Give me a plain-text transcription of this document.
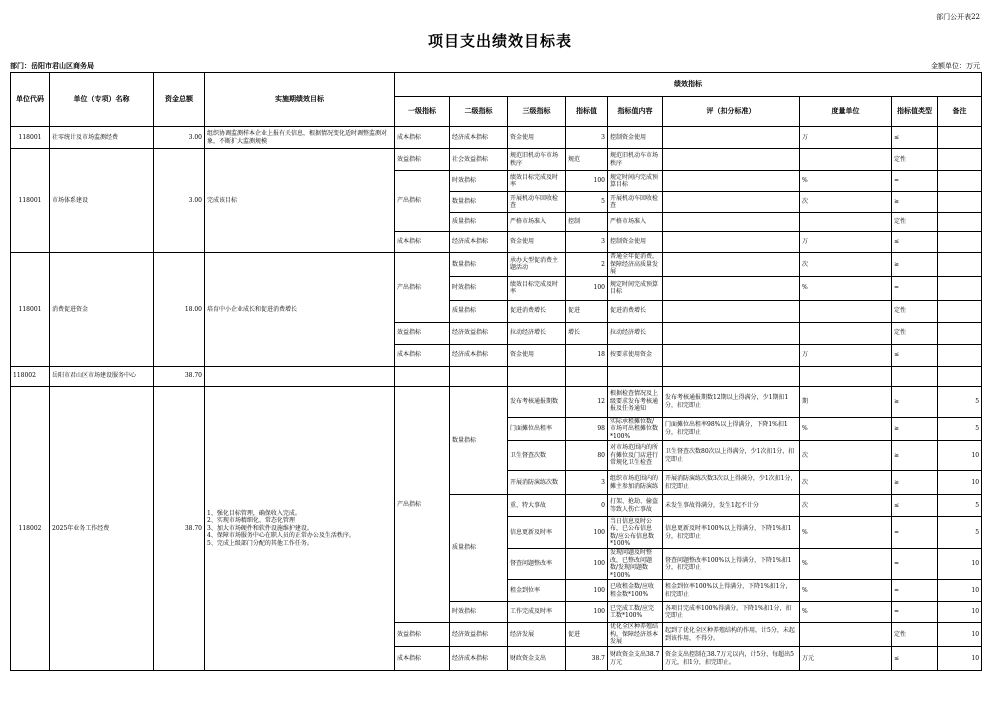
部门公开表22
项目支出绩效目标表
部门：岳阳市君山区商务局	金额单位：万元
单位代码	单位（专项）名称	资金总额	实施期绩效目标	绩效指标								
				一级指标	二级指标	三级指标	指标值	指标值内容	评（扣分标准）	度量单位	指标值类型	备注
118001	社零统计及市场监测经费	3.00	组织协调监测样本企业上报有关信息，根据情况变化适时调整监测对象，不断扩大监测规模	成本指标	经济成本指标	资金使用	3	控制资金使用		万	≤	
118001	市场体系建设	3.00	完成该目标	效益指标	社会效益指标	规范旧机动车市场秩序	规范	规范旧机动车市场秩序			定性	
				产出指标	时效指标	绩效目标完成及时率	100	规定时间内完成预算目标		%	=	
					数量指标	开展机动车回收检查	5	开展机动车回收检查		次	≥	
					质量指标	严格市场准入	控制	严格市场准入			定性	
				成本指标	经济成本指标	资金使用	3	控制资金使用		万	≤	
118001	消费促进资金	18.00	培育中小企业成长和促进消费增长	产出指标	数量指标	承办大型促消费主题活动	2	普通全年促消费，保障经济高质量发展		次	≥	
					时效指标	绩效目标完成及时率	100	规定时间完成预算目标		%	=	
					质量指标	促进消费增长	促进	促进消费增长			定性	
				效益指标	经济效益指标	拉动经济增长	增长	拉动经济增长			定性	
				成本指标	经济成本指标	资金使用	18	按要求使用资金		万	≤	
118002	岳阳市君山区市场建设服务中心	38.70										
118002	2025年业务工作经费	38.70	1、强化目标管理，确保收入完成。
2、实现市场精细化、常态化管理
3、加大市场硬件和软件设施维护建设。
4、保障市场服务中心在职人员的正常办公及生活秩序。
5、完成上级部门分配的其他工作任务。	产出指标	数量指标	发布考核通报期数	12	根据检查情况及上级要求发布考核通报及任务通知	发布考核通报期数12期以上得满分，少1期扣1分，扣完即止	期	≥	5
						门面摊位出租率	98	实际承租摊位数/市场可出租摊位数*100%	门面摊位出租率98%以上得满分，下降1%扣1分，扣完即止	%	≥	5
						卫生督查次数	80	对市场范围内的所有摊位及门店进行常规化卫生检查	卫生督查次数80次以上得满分，少1次扣1分，扣完即止	次	≥	10
						开展消防演练次数	3	组织市场范围内的摊主参加消防演练	开展消防演练次数3次以上得满分，少1次扣1分，扣完即止	次	≥	10
					质量指标	重、特大事故	0	打架、抢劫、偷盗等致人伤亡事故	未发生事故得满分，发生1起不计分	次	≤	5
						信息更新及时率	100	当日信息及时公布，已公布信息数/应公布信息数*100%	信息更新及时率100%以上得满分，下降1%扣1分，扣完即止	%	=	5
						督查问题整改率	100	发现问题及时整改，已整改问题数/发现问题数*100%	督查问题整改率100%以上得满分，下降1%扣1分，扣完即止	%	=	10
						租金到位率	100	已收租金数/应收租金数*100%	租金到位率100%以上得满分，下降1%扣1分，扣完即止	%	=	10
					时效指标	工作完成及时率	100	已完成工数/应完工数*100%	各项目完成率100%得满分，下降1%扣1分，扣完即止	%	=	10
				效益指标	经济效益指标	经济发展	促进	优化全区种养殖结构，保障经济基本发展	起到了优化全区种养殖结构的作用，计5分，未起到该作用，不得分。		定性	10
				成本指标	经济成本指标	财政资金支出	38.7	财政资金支出38.7万元	资金支出控制在38.7万元以内，计5分，每超出5万元，扣1分，扣完即止。	万元	≤	10
